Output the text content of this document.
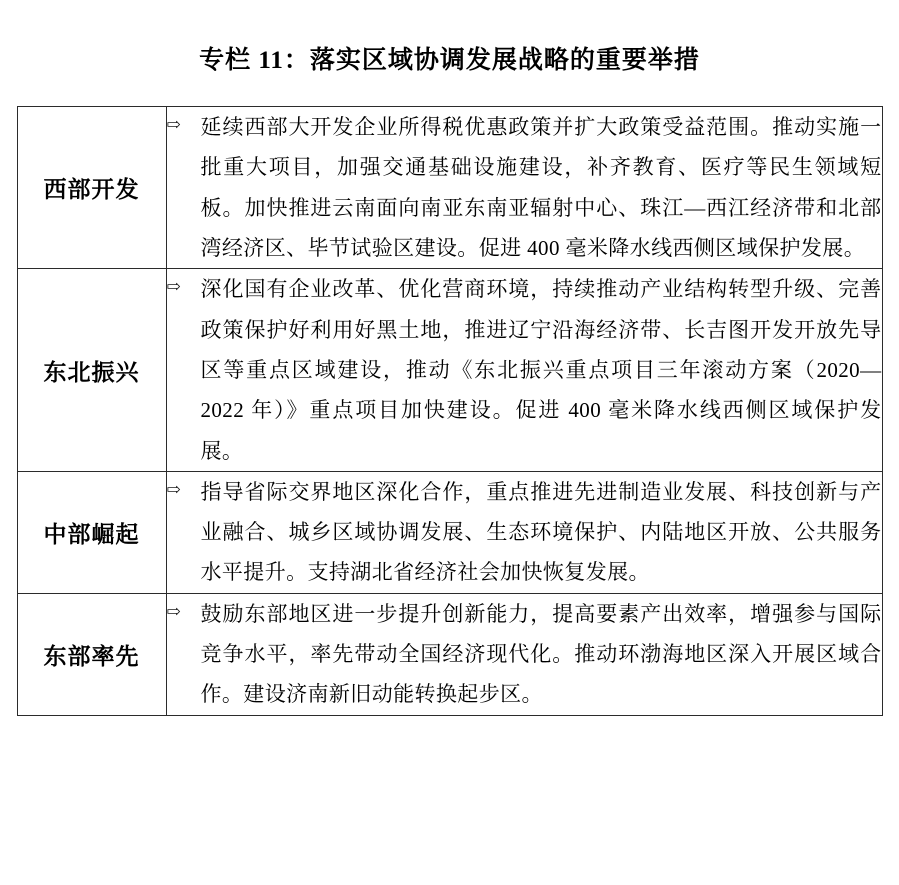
专栏 11：落实区域协调发展战略的重要举措
西部开发	⇨ 延续西部大开发企业所得税优惠政策并扩大政策受益范围。推动实施一批重大项目，加强交通基础设施建设，补齐教育、医疗等民生领域短板。加快推进云南面向南亚东南亚辐射中心、珠江—西江经济带和北部湾经济区、毕节试验区建设。促进 400 毫米降水线西侧区域保护发展。

东北振兴	⇨ 深化国有企业改革、优化营商环境，持续推动产业结构转型升级、完善政策保护好利用好黑土地，推进辽宁沿海经济带、长吉图开发开放先导区等重点区域建设，推动《东北振兴重点项目三年滚动方案（2020—2022 年）》重点项目加快建设。促进 400 毫米降水线西侧区域保护发展。

中部崛起	⇨ 指导省际交界地区深化合作，重点推进先进制造业发展、科技创新与产业融合、城乡区域协调发展、生态环境保护、内陆地区开放、公共服务水平提升。支持湖北省经济社会加快恢复发展。

东部率先	⇨ 鼓励东部地区进一步提升创新能力，提高要素产出效率，增强参与国际竞争水平，率先带动全国经济现代化。推动环渤海地区深入开展区域合作。建设济南新旧动能转换起步区。
